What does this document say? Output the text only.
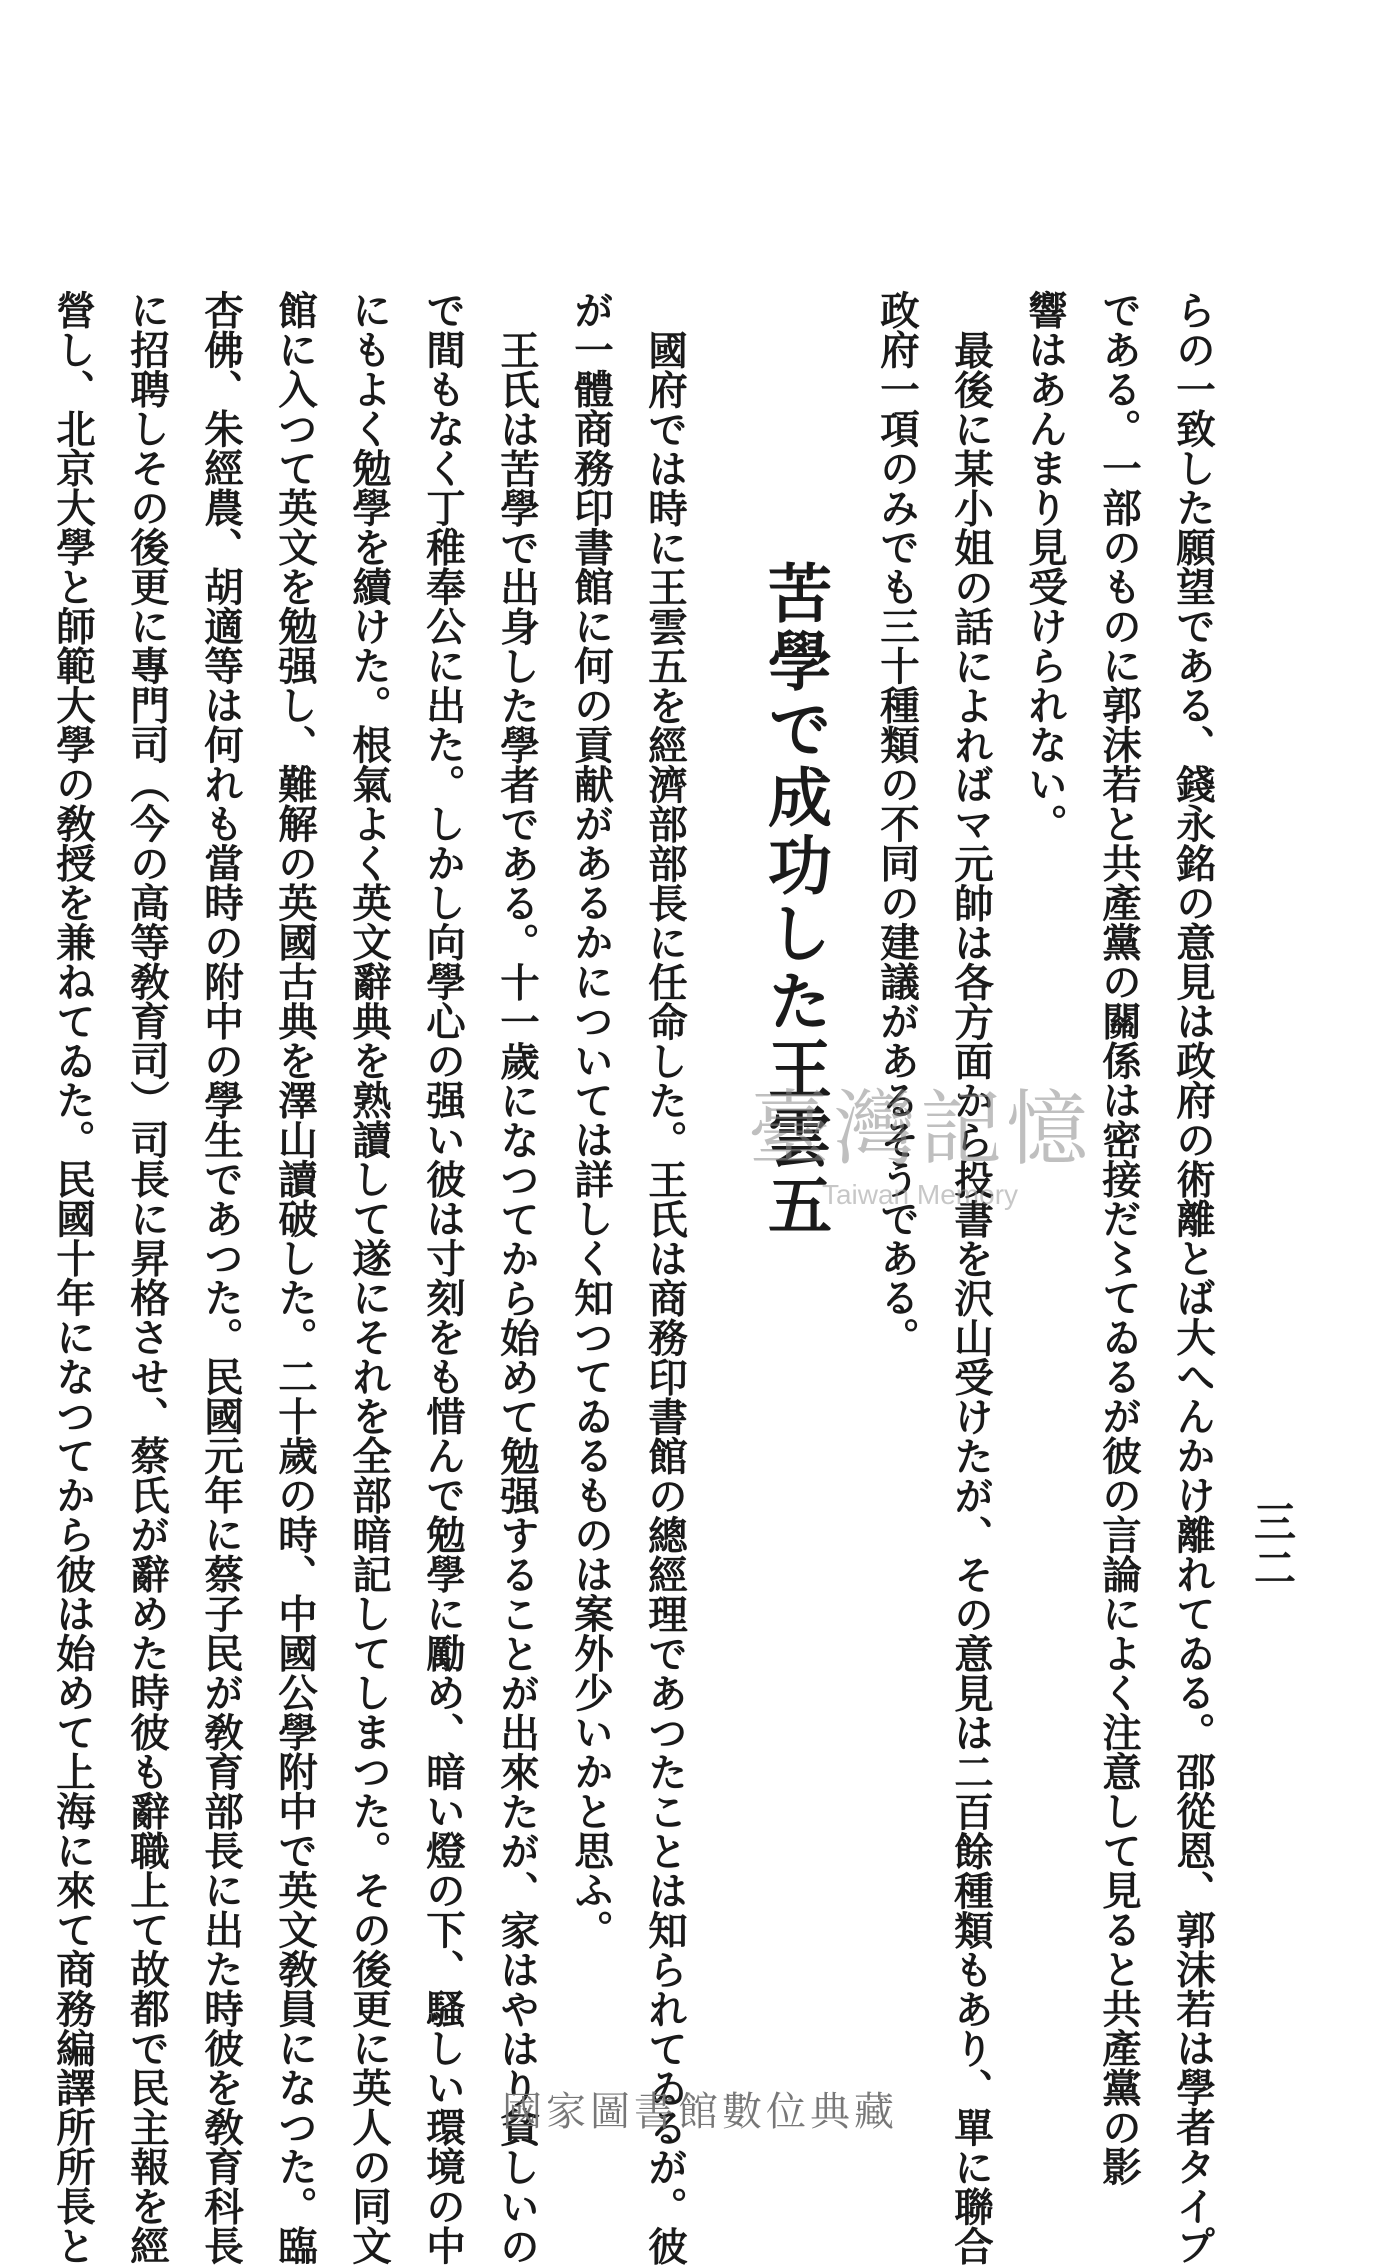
三二

らの一致した願望である、錢永銘の意見は政府の術離とば大へんかけ離れてゐる。邵從恩、郭沫若は學者タイプ

である。一部のものに郭沫若と共產黨の關係は密接だ〻てゐるが彼の言論によく注意して見ると共產黨の影

響はあんまり見受けられない。

最後に某小姐の話によればマ元帥は各方面から投書を沢山受けたが、その意見は二百餘種類もあり、單に聯合

政府一項のみでも三十種類の不同の建議があるそうである。

苦學で成功した王雲五

國府では時に王雲五を經濟部部長に任命した。王氏は商務印書館の總經理であつたことは知られてゐるが。彼

が一體商務印書館に何の貢献があるかについては詳しく知つてゐるものは案外少いかと思ふ。

王氏は苦學で出身した學者である。十一歲になつてから始めて勉强することが出來たが、家はやはり貧しいの

で間もなく丁稚奉公に出た。しかし向學心の强い彼は寸刻をも惜んで勉學に勵め、暗い燈の下、騷しい環境の中

にもよく勉學を續けた。根氣よく英文辭典を熟讀して遂にそれを全部暗記してしまつた。その後更に英人の同文

館に入つて英文を勉强し、難解の英國古典を澤山讀破した。二十歲の時、中國公學附中で英文敎員になつた。臨

杏佛、朱經農、胡適等は何れも當時の附中の學生であつた。民國元年に蔡子民が敎育部長に出た時彼を敎育科長

に招聘しその後更に專門司（今の高等敎育司）司長に昇格させ、蔡氏が辭めた時彼も辭職上て故都で民主報を經

營し、北京大學と師範大學の敎授を兼ねてゐた。民國十年になつてから彼は始めて上海に來て商務編譯所所長と	臺灣記憶
Taiwan Memory
國家圖書館數位典藏
